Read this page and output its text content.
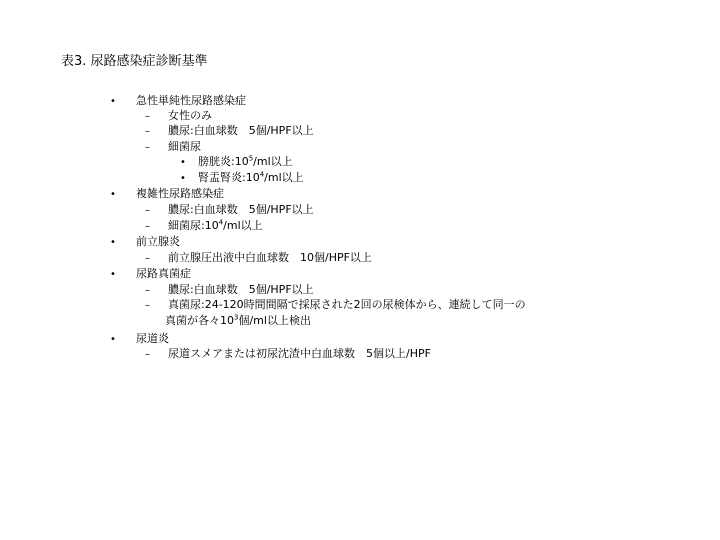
表3. 尿路感染症診断基準
• 急性単純性尿路感染症
– 女性のみ
– 膿尿:白血球数　5個/HPF以上
– 細菌尿
• 膀胱炎$:10^5/ml$以上
• 腎盂腎炎$:10^4/ml$以上
• 複雑性尿路感染症
– 膿尿:白血球数　5個/HPF以上
– 細菌尿$:10^4/ml$以上
• 前立腺炎
– 前立腺圧出液中白血球数　10個/HPF以上
• 尿路真菌症
– 膿尿:白血球数　5個/HPF以上
– 真菌尿:24-120時間間隔で採尿された2回の尿検体から、連続して同一の
真菌が各々$10^3$個/ml以上検出
• 尿道炎
– 尿道スメアまたは初尿沈渣中白血球数　5個以上/HPF
